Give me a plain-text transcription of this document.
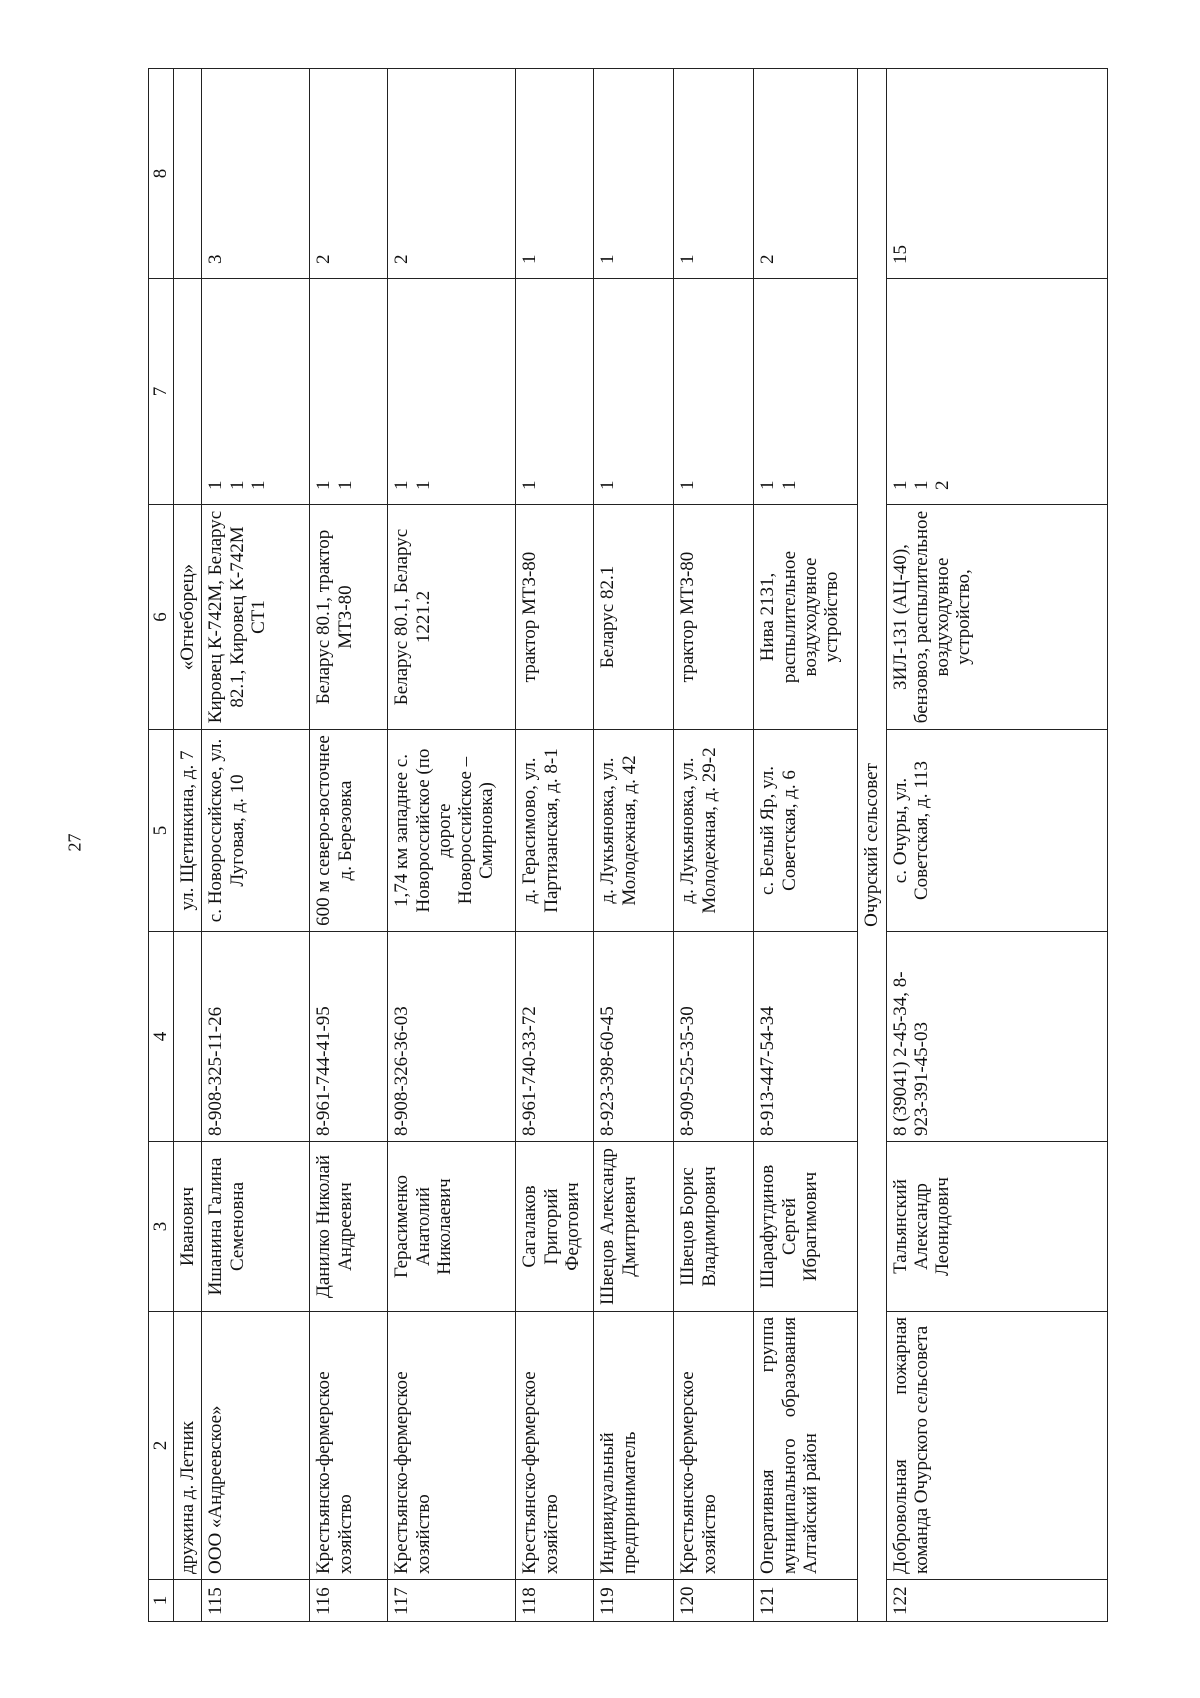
27
1	2	3	4	5	6	7	8
	дружина д. Летник	Иванович		ул. Щетинкина, д. 7	«Огнеборец»		
115	ООО «Андреевское»	Ишанина Галина Семеновна	8-908-325-11-26	с. Новороссийское, ул. Луговая, д. 10	Кировец К-742М, Беларус 82.1, Кировец К-742М СТ1	1 1 1	3
116	Крестьянско-фермерское хозяйство	Данилко Николай Андреевич	8-961-744-41-95	600 м северо-восточнее д. Березовка	Беларус 80.1, трактор МТЗ-80	1 1	2
117	Крестьянско-фермерское хозяйство	Герасименко Анатолий Николаевич	8-908-326-36-03	1,74 км западнее с. Новороссийское (по дороге Новороссийское – Смирновка)	Беларус 80.1, Беларус 1221.2	1 1	2
118	Крестьянско-фермерское хозяйство	Сагалаков Григорий Федотович	8-961-740-33-72	д. Герасимово, ул. Партизанская, д. 8-1	трактор МТЗ-80	1	1
119	Индивидуальный предприниматель	Швецов Александр Дмитриевич	8-923-398-60-45	д. Лукьяновка, ул. Молодежная, д. 42	Беларус 82.1	1	1
120	Крестьянско-фермерское хозяйство	Швецов Борис Владимирович	8-909-525-35-30	д. Лукьяновка, ул. Молодежная, д. 29-2	трактор МТЗ-80	1	1
121	Оперативная группа муниципального образования Алтайский район	Шарафутдинов Сергей Ибрагимович	8-913-447-54-34	с. Белый Яр, ул. Советская, д. 6	Нива 2131, распылительное воздуходувное устройство	1 1	2
Очурский сельсовет							
122	Добровольная пожарная команда Очурского сельсовета	Тальянский Александр Леонидович	8 (39041) 2-45-34, 8-923-391-45-03	с. Очуры, ул. Советская, д. 113	ЗИЛ-131 (АЦ-40), бензовоз, распылительное воздуходувное устройство,	1 1 2	15
